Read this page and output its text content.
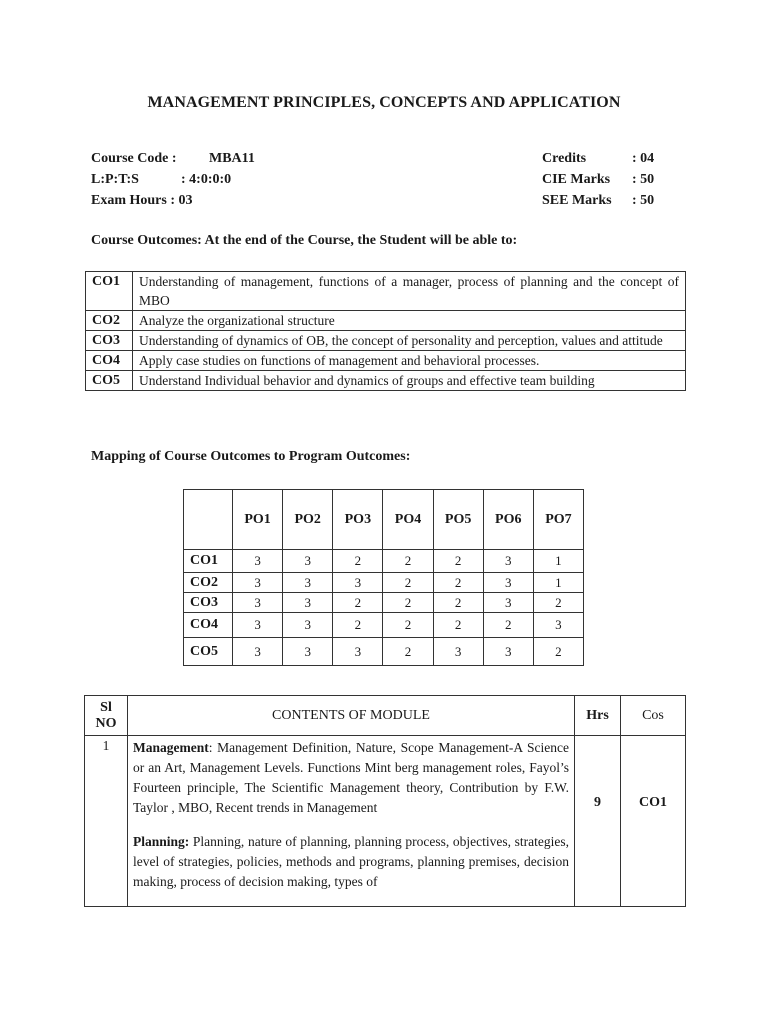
MANAGEMENT PRINCIPLES, CONCEPTS AND APPLICATION
Course Code : MBA11
L:P:T:S	: 4:0:0:0
Exam Hours : 03
Credits	: 04
CIE Marks : 50
SEE Marks : 50
Course Outcomes: At the end of the Course, the Student will be able to:
CO1	Understanding of management, functions of a manager, process of planning and the concept of MBO
CO2	Analyze the organizational structure
CO3	Understanding of dynamics of OB, the concept of personality and perception, values and attitude
CO4	Apply case studies on functions of management and behavioral processes.
CO5	Understand Individual behavior and dynamics of groups and effective team building
Mapping of Course Outcomes to Program Outcomes:
	PO1	PO2	PO3	PO4	PO5	PO6	PO7
CO1	3	3	2	2	2	3	1
CO2	3	3	3	2	2	3	1
CO3	3	3	2	2	2	3	2
CO4	3	3	2	2	2	2	3
CO5	3	3	3	2	3	3	2
Sl
NO	CONTENTS OF MODULE	Hrs	Cos
1	Management: Management Definition, Nature, Scope Management-A Science or an Art, Management Levels. Functions Mint berg management roles, Fayol’s Fourteen principle, The Scientific Management theory, Contribution by F.W. Taylor , MBO, Recent trends in Management

Planning: Planning, nature of planning, planning process, objectives, strategies, level of strategies, policies, methods and programs, planning premises, decision making, process of decision making, types of	9	CO1
